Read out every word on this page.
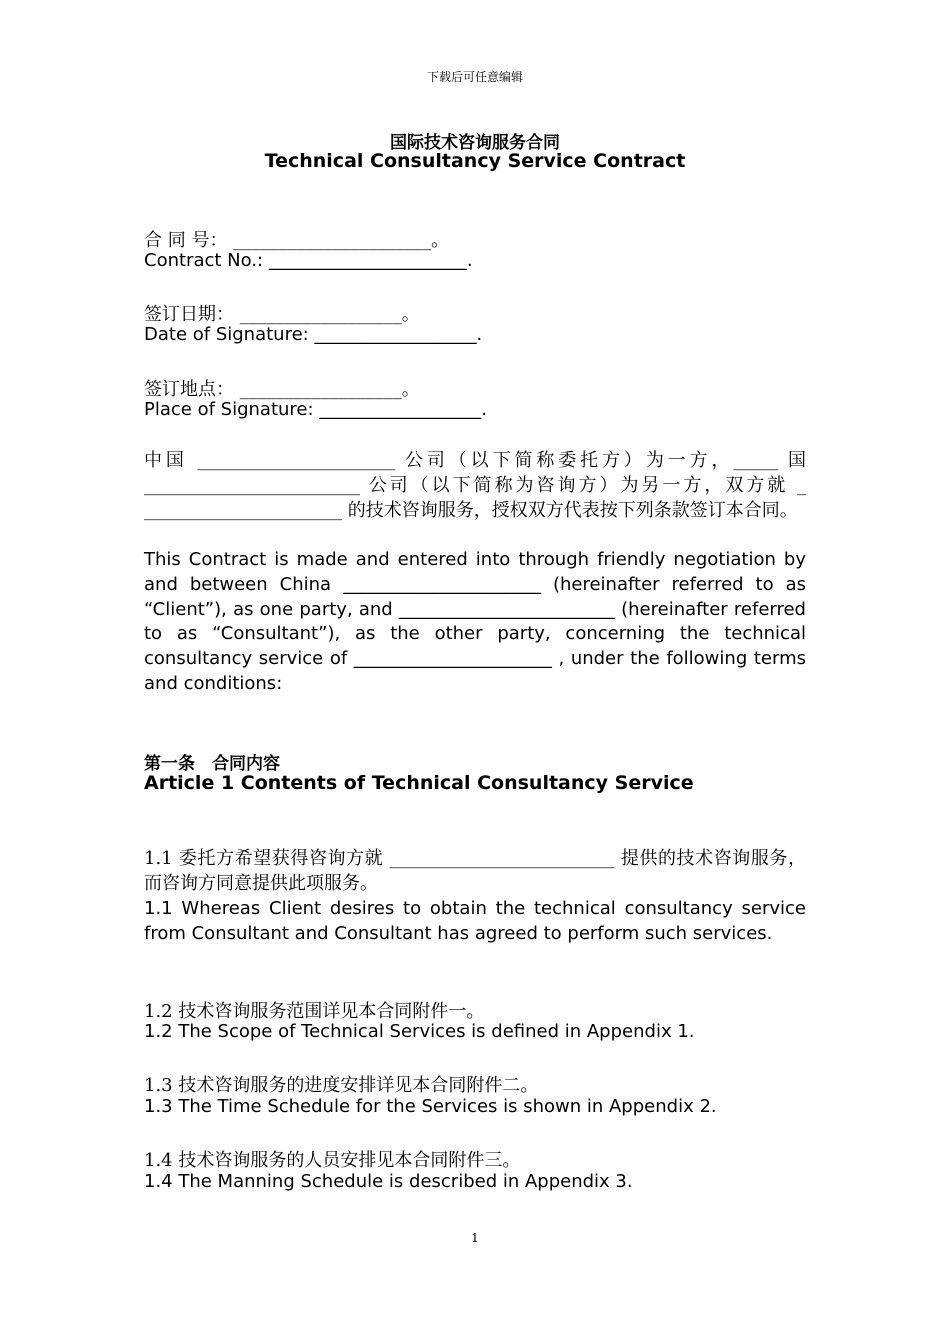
下载后可任意编辑
国际技术咨询服务合同
Technical Consultancy Service Contract
合 同 号： ______________________。
Contract No.: ______________________.
签订日期： __________________。
Date of Signature: __________________.
签订地点： __________________。
Place of Signature: __________________.
中国 ______________________ 公司（以下简称委托方）为一方，_____ 国 ________________________ 公司（以下简称为咨询方）为另一方，双方就 _ ______________________ 的技术咨询服务，授权双方代表按下列条款签订本合同。
This Contract is made and entered into through friendly negotiation by and between China ______________________ (hereinafter referred to as “Client”), as one party, and ________________________ (hereinafter referred to as “Consultant”), as the other party, concerning the technical consultancy service of ______________________ , under the following terms and conditions:
第一条　合同内容
Article 1 Contents of Technical Consultancy Service
1.1 委托方希望获得咨询方就 _________________________ 提供的技术咨询服务，而咨询方同意提供此项服务。
1.1 Whereas Client desires to obtain the technical consultancy service from Consultant and Consultant has agreed to perform such services.
1.2 技术咨询服务范围详见本合同附件一。
1.2 The Scope of Technical Services is defined in Appendix 1.
1.3 技术咨询服务的进度安排详见本合同附件二。
1.3 The Time Schedule for the Services is shown in Appendix 2.
1.4 技术咨询服务的人员安排见本合同附件三。
1.4 The Manning Schedule is described in Appendix 3.
1
